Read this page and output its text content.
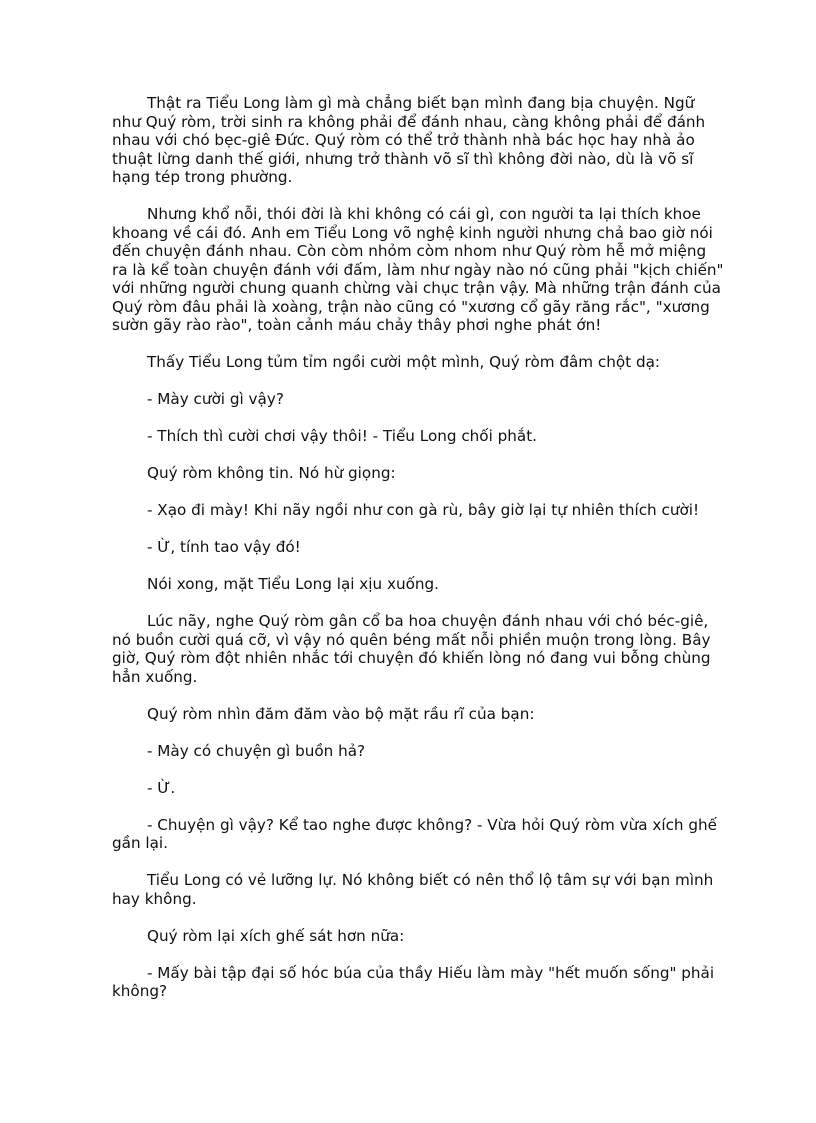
Thật ra Tiểu Long làm gì mà chẳng biết bạn mình đang bịa chuyện. Ngữ như Quý ròm, trời sinh ra không phải để đánh nhau, càng không phải để đánh nhau với chó bẹc-giê Đức. Quý ròm có thể trở thành nhà bác học hay nhà ảo thuật lừng danh thế giới, nhưng trở thành võ sĩ thì không đời nào, dù là võ sĩ hạng tép trong phường.

Nhưng khổ nỗi, thói đời là khi không có cái gì, con người ta lại thích khoe khoang về cái đó. Anh em Tiểu Long võ nghệ kinh người nhưng chả bao giờ nói đến chuyện đánh nhau. Còn còm nhỏm còm nhom như Quý ròm hễ mở miệng ra là kể toàn chuyện đánh với đấm, làm như ngày nào nó cũng phải "kịch chiến" với những người chung quanh chừng vài chục trận vậy. Mà những trận đánh của Quý ròm đâu phải là xoàng, trận nào cũng có "xương cổ gãy răng rắc", "xương sườn gãy rào rào", toàn cảnh máu chảy thây phơi nghe phát ớn!

Thấy Tiểu Long tủm tỉm ngồi cười một mình, Quý ròm đâm chột dạ:

- Mày cười gì vậy?

- Thích thì cười chơi vậy thôi! - Tiểu Long chối phắt.

Quý ròm không tin. Nó hừ giọng:

- Xạo đi mày! Khi nãy ngồi như con gà rù, bây giờ lại tự nhiên thích cười!

- Ừ, tính tao vậy đó!

Nói xong, mặt Tiểu Long lại xịu xuống.

Lúc nãy, nghe Quý ròm gân cổ ba hoa chuyện đánh nhau với chó béc-giê, nó buồn cười quá cỡ, vì vậy nó quên béng mất nỗi phiền muộn trong lòng. Bây giờ, Quý ròm đột nhiên nhắc tới chuyện đó khiến lòng nó đang vui bỗng chùng hẳn xuống.

Quý ròm nhìn đăm đăm vào bộ mặt rầu rĩ của bạn:

- Mày có chuyện gì buồn hả?

- Ừ.

- Chuyện gì vậy? Kể tao nghe được không? - Vừa hỏi Quý ròm vừa xích ghế gần lại.

Tiểu Long có vẻ lưỡng lự. Nó không biết có nên thổ lộ tâm sự với bạn mình hay không.

Quý ròm lại xích ghế sát hơn nữa:

- Mấy bài tập đại số hóc búa của thầy Hiếu làm mày "hết muốn sống" phải không?
